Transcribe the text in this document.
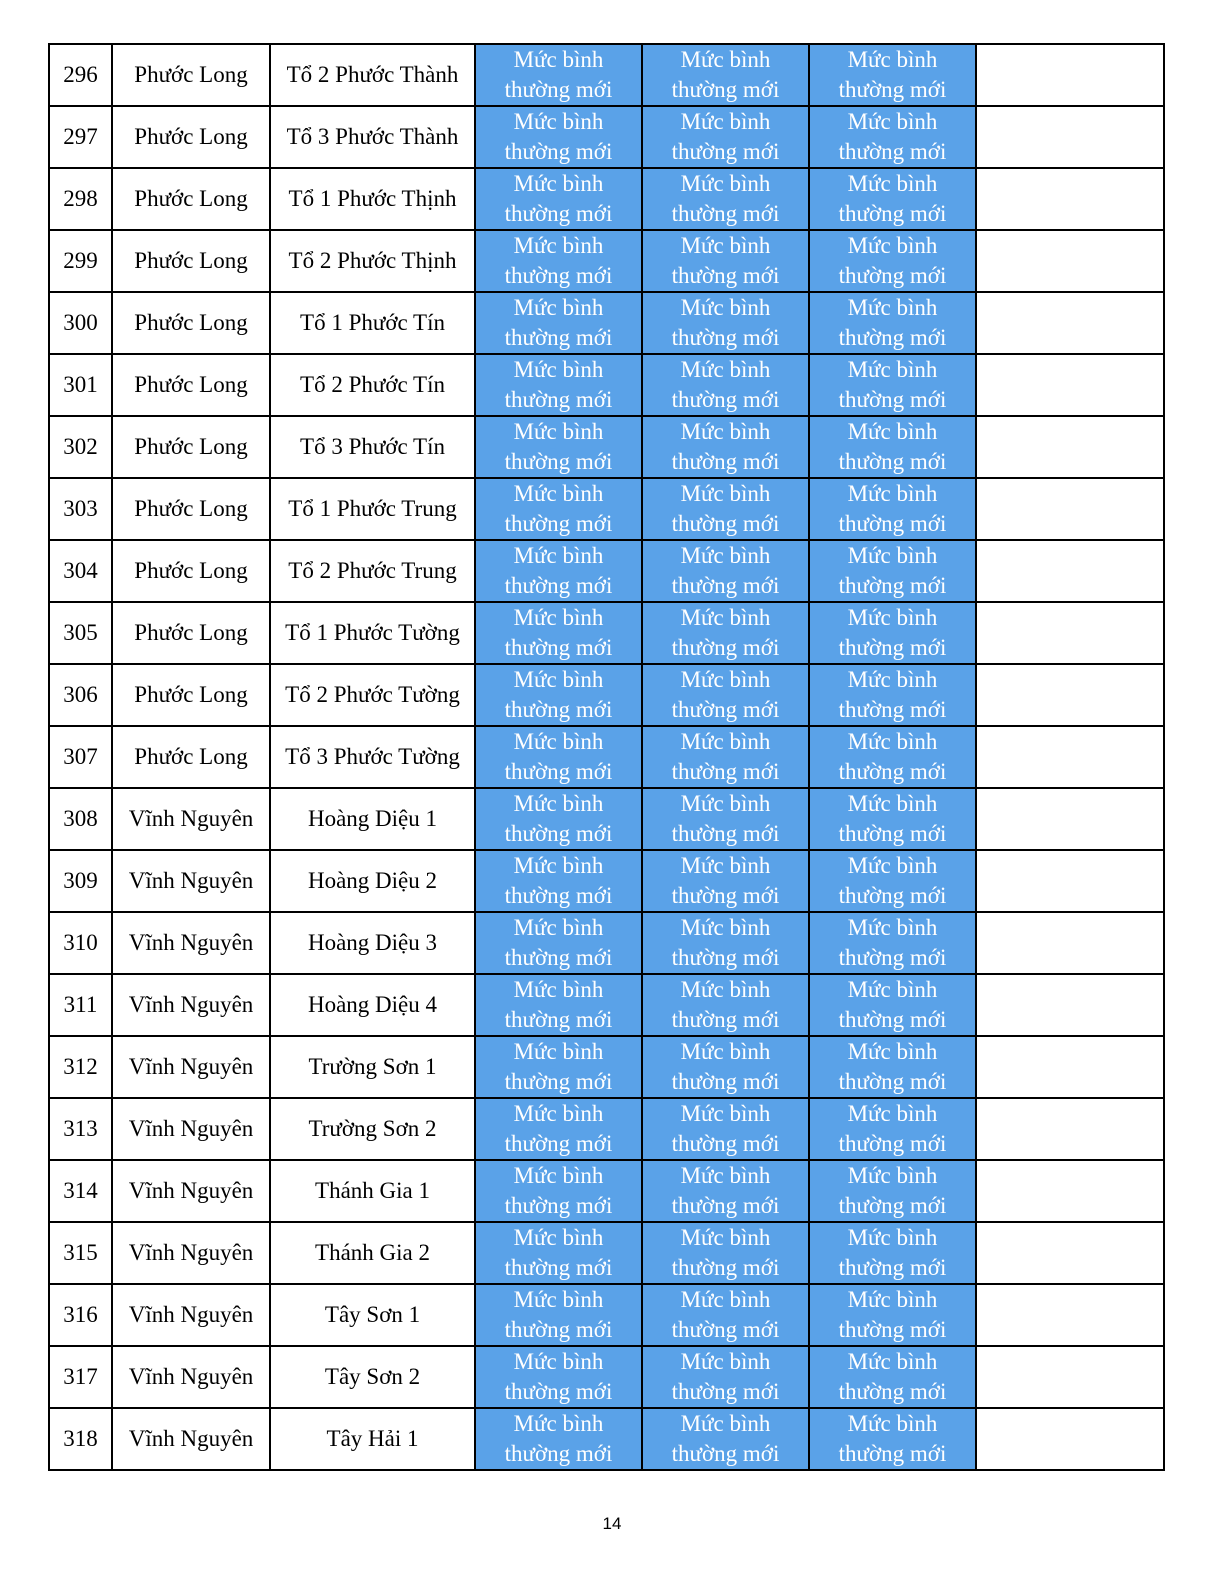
296	Phước Long	Tổ 2 Phước Thành	Mức bình
thường mới	Mức bình
thường mới	Mức bình
thường mới	

297	Phước Long	Tổ 3 Phước Thành	Mức bình
thường mới	Mức bình
thường mới	Mức bình
thường mới	

298	Phước Long	Tổ 1 Phước Thịnh	Mức bình
thường mới	Mức bình
thường mới	Mức bình
thường mới	

299	Phước Long	Tổ 2 Phước Thịnh	Mức bình
thường mới	Mức bình
thường mới	Mức bình
thường mới	

300	Phước Long	Tổ 1 Phước Tín	Mức bình
thường mới	Mức bình
thường mới	Mức bình
thường mới	

301	Phước Long	Tổ 2 Phước Tín	Mức bình
thường mới	Mức bình
thường mới	Mức bình
thường mới	

302	Phước Long	Tổ 3 Phước Tín	Mức bình
thường mới	Mức bình
thường mới	Mức bình
thường mới	

303	Phước Long	Tổ 1 Phước Trung	Mức bình
thường mới	Mức bình
thường mới	Mức bình
thường mới	

304	Phước Long	Tổ 2 Phước Trung	Mức bình
thường mới	Mức bình
thường mới	Mức bình
thường mới	

305	Phước Long	Tổ 1 Phước Tường	Mức bình
thường mới	Mức bình
thường mới	Mức bình
thường mới	

306	Phước Long	Tổ 2 Phước Tường	Mức bình
thường mới	Mức bình
thường mới	Mức bình
thường mới	

307	Phước Long	Tổ 3 Phước Tường	Mức bình
thường mới	Mức bình
thường mới	Mức bình
thường mới	

308	Vĩnh Nguyên	Hoàng Diệu 1	Mức bình
thường mới	Mức bình
thường mới	Mức bình
thường mới	

309	Vĩnh Nguyên	Hoàng Diệu 2	Mức bình
thường mới	Mức bình
thường mới	Mức bình
thường mới	

310	Vĩnh Nguyên	Hoàng Diệu 3	Mức bình
thường mới	Mức bình
thường mới	Mức bình
thường mới	

311	Vĩnh Nguyên	Hoàng Diệu 4	Mức bình
thường mới	Mức bình
thường mới	Mức bình
thường mới	

312	Vĩnh Nguyên	Trường Sơn 1	Mức bình
thường mới	Mức bình
thường mới	Mức bình
thường mới	

313	Vĩnh Nguyên	Trường Sơn 2	Mức bình
thường mới	Mức bình
thường mới	Mức bình
thường mới	

314	Vĩnh Nguyên	Thánh Gia 1	Mức bình
thường mới	Mức bình
thường mới	Mức bình
thường mới	

315	Vĩnh Nguyên	Thánh Gia 2	Mức bình
thường mới	Mức bình
thường mới	Mức bình
thường mới	

316	Vĩnh Nguyên	Tây Sơn 1	Mức bình
thường mới	Mức bình
thường mới	Mức bình
thường mới	

317	Vĩnh Nguyên	Tây Sơn 2	Mức bình
thường mới	Mức bình
thường mới	Mức bình
thường mới	

318	Vĩnh Nguyên	Tây Hải 1	Mức bình
thường mới	Mức bình
thường mới	Mức bình
thường mới	

14
